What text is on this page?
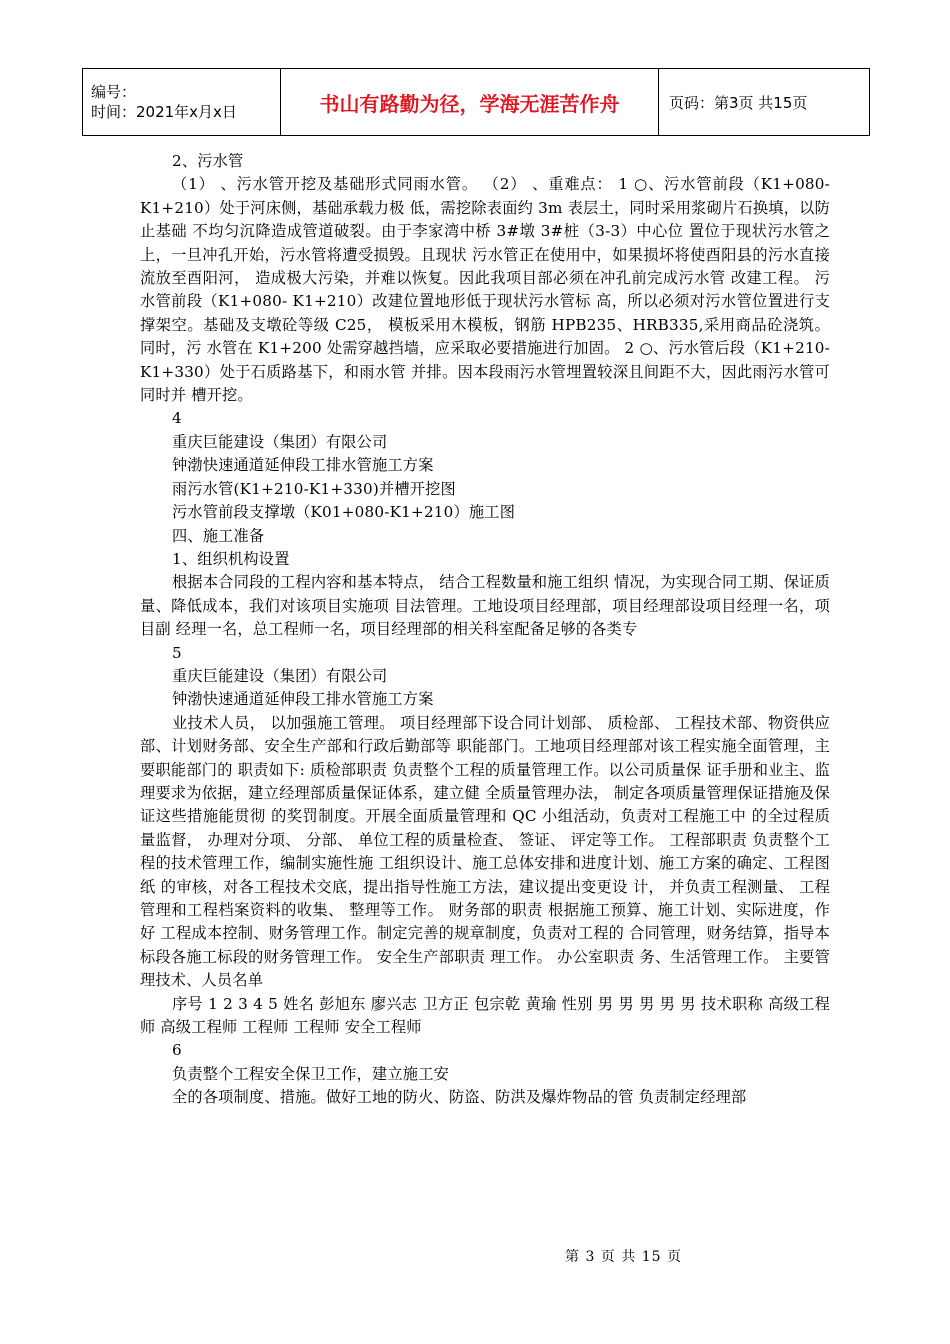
编号：
时间：2021年x月x日	书山有路勤为径，学海无涯苦作舟	页码：第3页 共15页

2、污水管

（1） 、污水管开挖及基础形式同雨水管。 （2） 、重难点： 1 ○、污水管前段（K1+080-K1+210）处于河床侧，基础承载力极 低，需挖除表面约 3m 表层土，同时采用浆砌片石换填，以防止基础 不均匀沉降造成管道破裂。由于李家湾中桥 3#墩 3#桩（3-3）中心位 置位于现状污水管之上，一旦冲孔开始，污水管将遭受损毁。且现状 污水管正在使用中，如果损坏将使酉阳县的污水直接流放至酉阳河， 造成极大污染，并难以恢复。因此我项目部必须在冲孔前完成污水管 改建工程。 污水管前段（K1+080- K1+210）改建位置地形低于现状污水管标 高，所以必须对污水管位置进行支撑架空。基础及支墩砼等级 C25， 模板采用木模板，钢筋 HPB235、HRB335,采用商品砼浇筑。同时，污 水管在 K1+200 处需穿越挡墙，应采取必要措施进行加固。 2 ○、污水管后段（K1+210-K1+330）处于石质路基下，和雨水管 并排。因本段雨污水管埋置较深且间距不大，因此雨污水管可同时并 槽开挖。

4

重庆巨能建设（集团）有限公司

钟渤快速通道延伸段工排水管施工方案

雨污水管(K1+210-K1+330)并槽开挖图

污水管前段支撑墩（K01+080-K1+210）施工图

四、施工准备

1、组织机构设置

根据本合同段的工程内容和基本特点， 结合工程数量和施工组织 情况，为实现合同工期、保证质量、降低成本，我们对该项目实施项 目法管理。工地设项目经理部，项目经理部设项目经理一名，项目副 经理一名，总工程师一名，项目经理部的相关科室配备足够的各类专

5

重庆巨能建设（集团）有限公司

钟渤快速通道延伸段工排水管施工方案

业技术人员， 以加强施工管理。 项目经理部下设合同计划部、 质检部、 工程技术部、物资供应部、计划财务部、安全生产部和行政后勤部等 职能部门。工地项目经理部对该工程实施全面管理，主要职能部门的 职责如下: 质检部职责 负责整个工程的质量管理工作。以公司质量保 证手册和业主、监理要求为依据，建立经理部质量保证体系，建立健 全质量管理办法， 制定各项质量管理保证措施及保证这些措施能贯彻 的奖罚制度。开展全面质量管理和 QC 小组活动，负责对工程施工中 的全过程质量监督， 办理对分项、 分部、 单位工程的质量检查、 签证、 评定等工作。 工程部职责 负责整个工程的技术管理工作，编制实施性施 工组织设计、施工总体安排和进度计划、施工方案的确定、工程图纸 的审核，对各工程技术交底，提出指导性施工方法，建议提出变更设 计， 并负责工程测量、 工程管理和工程档案资料的收集、 整理等工作。 财务部的职责 根据施工预算、施工计划、实际进度，作好 工程成本控制、财务管理工作。制定完善的规章制度，负责对工程的 合同管理，财务结算，指导本标段各施工标段的财务管理工作。 安全生产部职责 理工作。 办公室职责 务、生活管理工作。 主要管理技术、人员名单

序号 1 2 3 4 5 姓名 彭旭东 廖兴志 卫方正 包宗乾 黄瑜 性别 男 男 男 男 男 技术职称 高级工程师 高级工程师 工程师 工程师 安全工程师

6

负责整个工程安全保卫工作，建立施工安

全的各项制度、措施。做好工地的防火、防盗、防洪及爆炸物品的管 负责制定经理部

第 3 页 共 15 页
